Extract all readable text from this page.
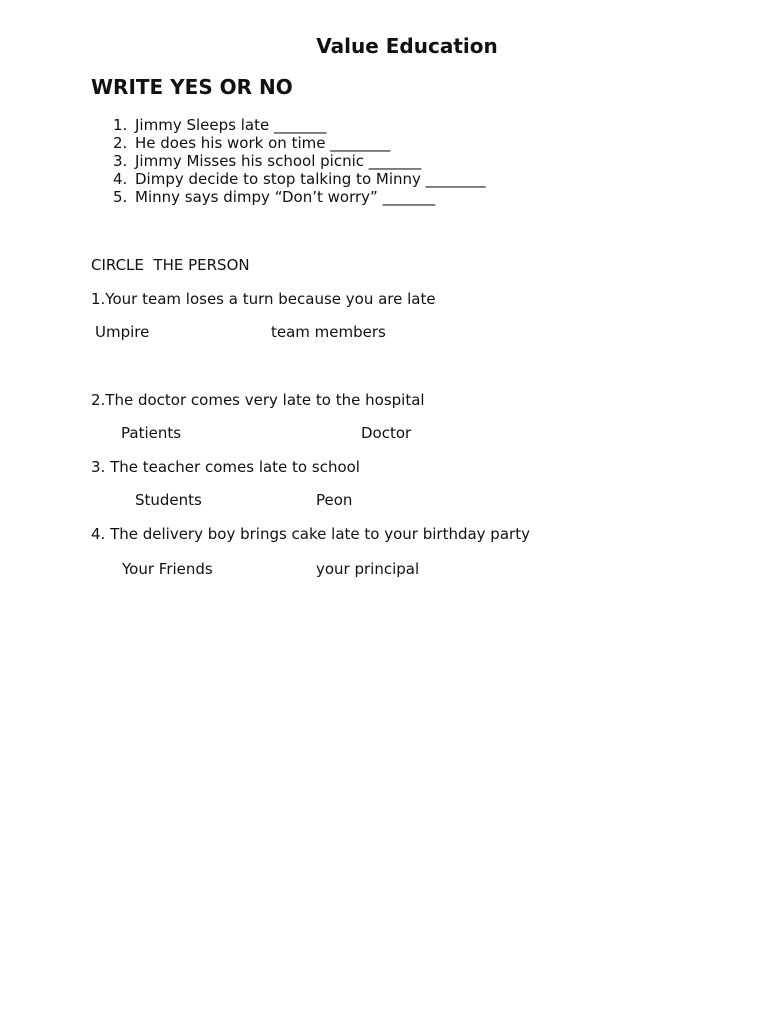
Value Education
WRITE YES OR NO
1. Jimmy Sleeps late _______
2. He does his work on time ________
3. Jimmy Misses his school picnic _______
4. Dimpy decide to stop talking to Minny ________
5. Minny says dimpy “Don’t worry” _______
CIRCLE  THE PERSON
1.Your team loses a turn because you are late
Umpire	team members
2.The doctor comes very late to the hospital
Patients	Doctor
3. The teacher comes late to school
Students	Peon
4. The delivery boy brings cake late to your birthday party
Your Friends	your principal
